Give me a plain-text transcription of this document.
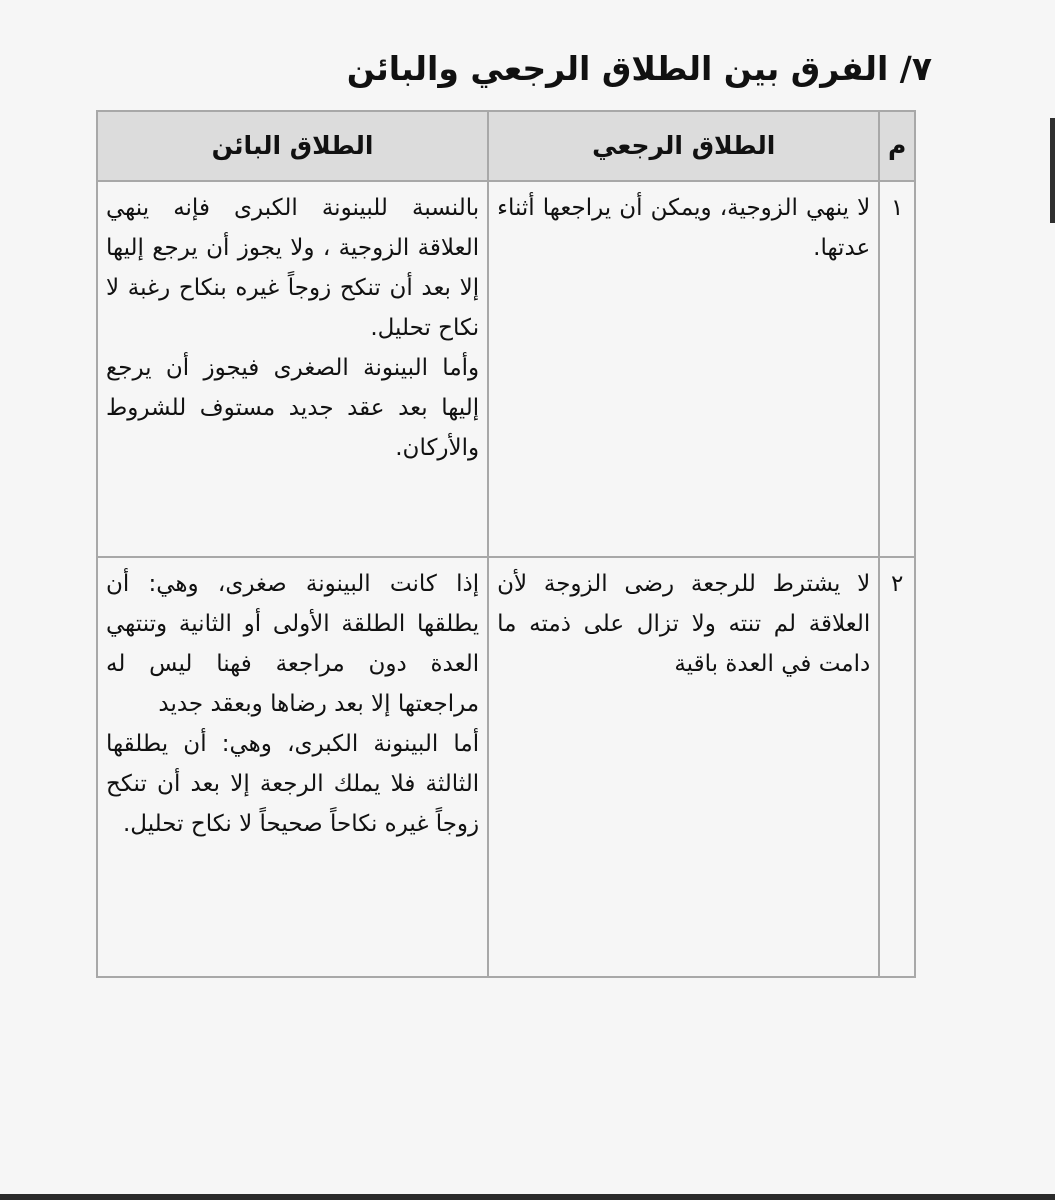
٧/ الفرق بين الطلاق الرجعي والبائن
م	الطلاق الرجعي	الطلاق البائن
١	لا ينهي الزوجية، ويمكن أن يراجعها أثناء عدتها.	بالنسبة للبينونة الكبرى فإنه ينهي العلاقة الزوجية ، ولا يجوز أن يرجع إليها إلا بعد أن تنكح زوجاً غيره بنكاح رغبة لا نكاح تحليل.
وأما البينونة الصغرى فيجوز أن يرجع إليها بعد عقد جديد مستوف للشروط والأركان.

٢	لا يشترط للرجعة رضى الزوجة لأن العلاقة لم تنته ولا تزال على ذمته ما دامت في العدة باقية	إذا كانت البينونة صغرى، وهي: أن يطلقها الطلقة الأولى أو الثانية وتنتهي العدة دون مراجعة فهنا ليس له مراجعتها إلا بعد رضاها وبعقد جديد
أما البينونة الكبرى، وهي: أن يطلقها الثالثة فلا يملك الرجعة إلا بعد أن تنكح زوجاً غيره نكاحاً صحيحاً لا نكاح تحليل.
